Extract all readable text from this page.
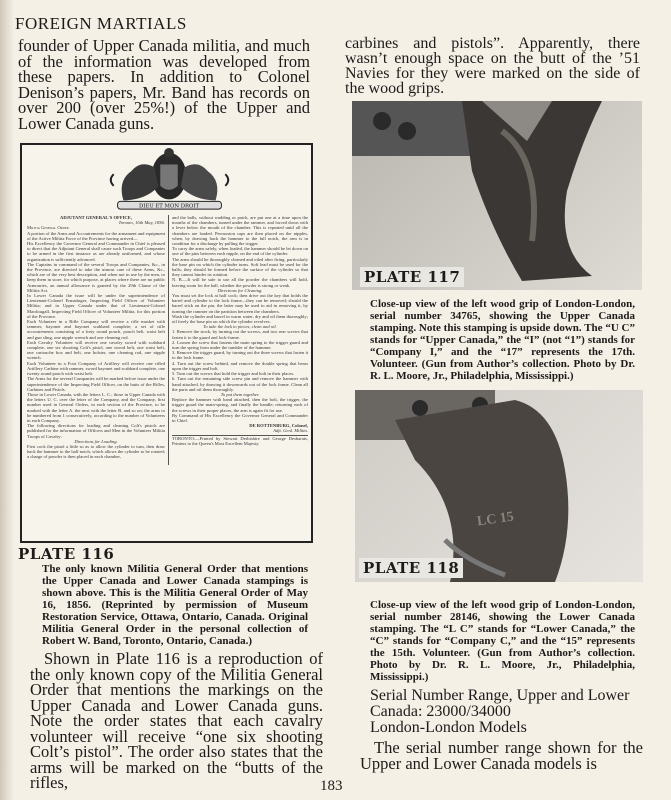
FOREIGN MARTIALS

founder of Upper Canada militia, and much of the information was developed from these papers. In addition to Colonel Denison’s papers, Mr. Band has records on over 200 (over 25%!) of the Upper and Lower Canada guns.

DIEU ET MON DROIT
ADJUTANT GENERAL'S OFFICE,
Toronto, 16th May, 1856.
Militia General Order.

A portion of the Arms and Accoutrements for the armament and equipment of the Active Militia Force of the Province having arrived—

His Excellency the Governor General and Commander in Chief is pleased to direct that the Adjutant General shall cause such Troops and Companies to be armed in the first instance as are already uniformed, and whose organization is sufficiently advanced.

The Captains in command of the several Troops and Companies, &c., in the Province, are directed to take the utmost care of these Arms, &c., which are of the very best description, and when not in use by the men, to keep them in store, for which purpose, at places where there are no public Armouries, an annual allowance is granted by the 29th Clause of the Militia Act.

In Lower Canada the issue will be under the superintendence of Lieutenant-Colonel Ermatinger, Inspecting Field Officer of Volunteer Militia; and in Upper Canada under that of Lieutenant-Colonel Macdougall, Inspecting Field Officer of Volunteer Militia, for this portion of the Province.

Each Volunteer in a Rifle Company will receive a rifle musket with rammer, bayonet and bayonet scabbard complete; a set of rifle accoutrements consisting of a forty round pouch, pouch belt, waist belt and gun sling, one nipple wrench and one cleaning rod.

Each Cavalry Volunteer will receive one cavalry sword with scabbard complete, one six shooting Colt's pistol, one sword belt, one waist belt, one cartouche box and belt, one holster, one cleaning rod, one nipple wrench.

Each Volunteer in a Foot Company of Artillery will receive one rifled Artillery Carbine with rammer, sword bayonet and scabbard complete, one twenty round pouch with waist belt.

The Arms for the several Companies will be marked before issue under the superintendence of the Inspecting Field Officer, on the butts of the Rifles, Carbines and Pistols.

Those in Lower Canada, with the letters L. C.; those in Upper Canada with the letters U. C. over the letter of the Company, and the Company, first number used in General Orders, in each section of the Province, to be marked with the letter A. the next with the letter B. and so on; the arms to be numbered from 1 consecutively, according to the number of Volunteers in each Company.

The following directions for loading and cleaning Colt's pistols are published for the information of Officers and Men in the Volunteer Militia Troops of Cavalry:

Directions for Loading.

First cock the pistol a little so as to allow the cylinder to turn, then draw back the hammer to the half notch, which allows the cylinder to be rotated; a charge of powder is then placed in each chamber,

and the balls, without wadding or patch, are put one at a time upon the mouths of the chambers, turned under the rammer, and forced down with a lever below the mouth of the chamber. This is repeated until all the chambers are loaded. Percussion caps are then placed on the nipples, when, by drawing back the hammer to the full notch, the arm is in condition for a discharge by pulling the trigger.

To carry the arms safely, when loaded, the hammer should be let down on one of the pins between each nipple, on the end of the cylinder.

The arms should be thoroughly cleaned and oiled after firing, particularly the base pin on which the cylinder turns. Soft lead must be used for the balls; they should be formed before the surface of the cylinder so that they cannot hinder its rotation.

N. B.—It will be safe to use all the powder the chambers will hold, leaving room for the ball, whether the powder is strong or weak.

Directions for Cleaning.

You must set the lock at half cock; then drive out the key that holds the barrel and cylinder to the lock frame—they can be removed; should the barrel stick on the pin, the latter may be used to aid in removing it, by turning the rammer on the partition between the chambers.

Wash the cylinder and barrel in warm water, dry and oil them thoroughly; oil freely the base pin on which the cylinder revolves.

To take the lock to pieces, clean and oil.

1. Remove the stock, by turning out the screws, and two rear screws that fasten it to the guard and lock-frame.

2. Loosen the screw that fastens the main spring to the trigger guard and turn the spring from under the tumbler of the hammer.

3. Remove the trigger guard, by turning out the three screws that fasten it to the lock frame.

4. Turn out the screw behind, and remove the double spring that bears upon the trigger and bolt.

5. Turn out the screws that hold the trigger and bolt in their places.

6. Turn out the remaining side screw pin and remove the hammer with hand attached, by drawing it downwards out of the lock frame. Clean all the parts and oil them thoroughly.

To put them together.

Replace the hammer with hand attached, then the bolt, the trigger, the trigger guard the main-spring, and finally the handle; returning each of the screws in their proper places, the arm is again fit for use.

By Command of His Excellency the Governor General and Commander in Chief.

DE ROTTENBURG, Colonel,
Adjt. Genl. Militia.
TORONTO:—Printed by Stewart Derbishire and George Desbarats, Printers to the Queen's Most Excellent Majesty.
PLATE 116
The only known Militia General Order that mentions the Upper Canada and Lower Canada stampings is shown above. This is the Militia General Order of May 16, 1856. (Reprinted by permission of Museum Restoration Service, Ottawa, Ontario, Canada. Original Militia General Order in the personal collection of Robert W. Band, Toronto, Ontario, Canada.)

Shown in Plate 116 is a reproduction of the only known copy of the Militia General Order that mentions the markings on the Upper Canada and Lower Canada guns. Note the order states that each cavalry volunteer will receive “one six shooting Colt’s pistol”. The order also states that the arms will be marked on the “butts of the rifles,

carbines and pistols”. Apparently, there wasn’t enough space on the butt of the ’51 Navies for they were marked on the side of the wood grips.

PLATE 117
Close-up view of the left wood grip of London-London, serial number 34765, showing the Upper Canada stamping. Note this stamping is upside down. The “U C” stands for “Upper Canada,” the “I” (not “1”) stands for “Company I,” and the “17” represents the 17th. Volunteer. (Gun from Author’s collection. Photo by Dr. R. L. Moore, Jr., Philadelphia, Mississippi.)
LC 15
PLATE 118
Close-up view of the left wood grip of London-London, serial number 28146, showing the Lower Canada stamping. The “L C” stands for “Lower Canada,” the “C” stands for “Company C,” and the “15” represents the 15th. Volunteer. (Gun from Author’s collection. Photo by Dr. R. L. Moore, Jr., Philadelphia, Mississippi.)
Serial Number Range, Upper and Lower
Canada: 23000/34000
London-London Models

The serial number range shown for the Upper and Lower Canada models is

183
